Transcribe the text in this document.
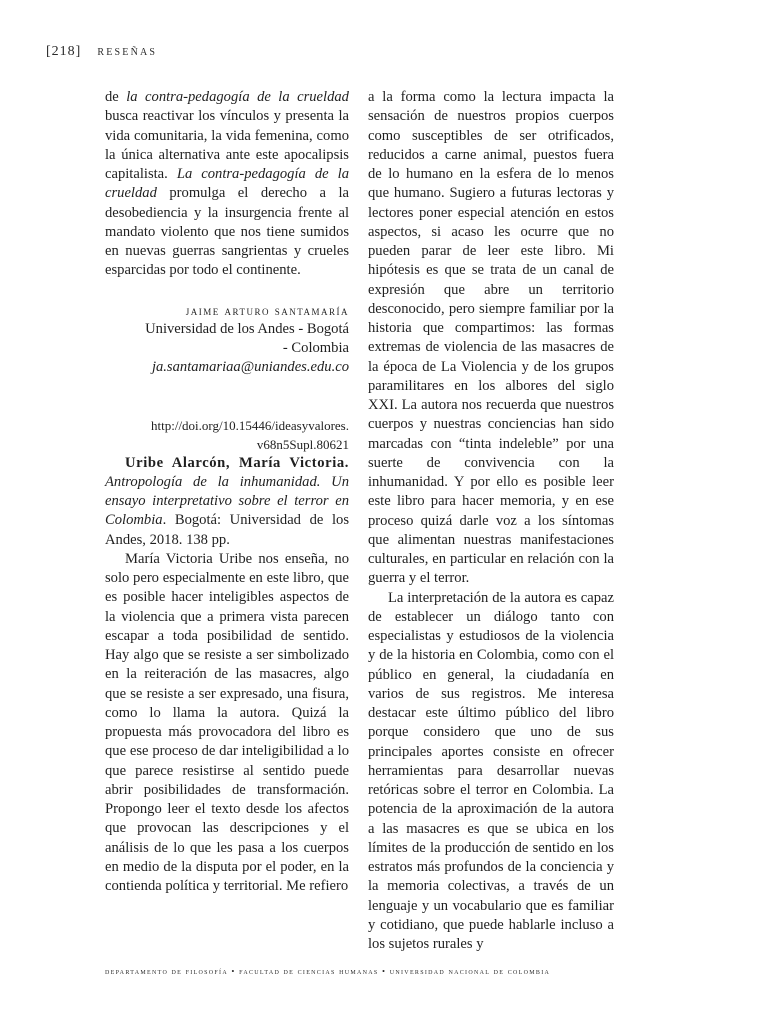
[218] reseñas

de la contra-pedagogía de la crueldad busca reactivar los vínculos y presenta la vida comunitaria, la vida femenina, como la única alternativa ante este apocalipsis capitalista. La contra-pedagogía de la crueldad promulga el derecho a la desobediencia y la insurgencia frente al mandato violento que nos tiene sumidos en nuevas guerras sangrientas y crueles esparcidas por todo el continente.

jaime arturo santamaría
Universidad de los Andes - Bogotá
- Colombia
ja.santamariaa@uniandes.edu.co
http://doi.org/10.15446/ideasyvalores.
v68n5Supl.80621

Uribe Alarcón, María Victoria. Antropología de la inhumanidad. Un ensayo interpretativo sobre el terror en Colombia. Bogotá: Universidad de los Andes, 2018. 138 pp.

María Victoria Uribe nos enseña, no solo pero especialmente en este libro, que es posible hacer inteligibles aspectos de la violencia que a primera vista parecen escapar a toda posibilidad de sentido. Hay algo que se resiste a ser simbolizado en la reiteración de las masacres, algo que se resiste a ser expresado, una fisura, como lo llama la autora. Quizá la propuesta más provocadora del libro es que ese proceso de dar inteligibilidad a lo que parece resistirse al sentido puede abrir posibilidades de transformación. Propongo leer el texto desde los afectos que provocan las descripciones y el análisis de lo que les pasa a los cuerpos en medio de la disputa por el poder, en la contienda política y territorial. Me refiero

a la forma como la lectura impacta la sensación de nuestros propios cuerpos como susceptibles de ser otrificados, reducidos a carne animal, puestos fuera de lo humano en la esfera de lo menos que humano. Sugiero a futuras lectoras y lectores poner especial atención en estos aspectos, si acaso les ocurre que no pueden parar de leer este libro. Mi hipótesis es que se trata de un canal de expresión que abre un territorio desconocido, pero siempre familiar por la historia que compartimos: las formas extremas de violencia de las masacres de la época de La Violencia y de los grupos paramilitares en los albores del siglo XXI. La autora nos recuerda que nuestros cuerpos y nuestras conciencias han sido marcadas con “tinta indeleble” por una suerte de convivencia con la inhumanidad. Y por ello es posible leer este libro para hacer memoria, y en ese proceso quizá darle voz a los síntomas que alimentan nuestras manifestaciones culturales, en particular en relación con la guerra y el terror.

La interpretación de la autora es capaz de establecer un diálogo tanto con especialistas y estudiosos de la violencia y de la historia en Colombia, como con el público en general, la ciudadanía en varios de sus registros. Me interesa destacar este último público del libro porque considero que uno de sus principales aportes consiste en ofrecer herramientas para desarrollar nuevas retóricas sobre el terror en Colombia. La potencia de la aproximación de la autora a las masacres es que se ubica en los límites de la producción de sentido en los estratos más profundos de la conciencia y la memoria colectivas, a través de un lenguaje y un vocabulario que es familiar y cotidiano, que puede hablarle incluso a los sujetos rurales y

departamento de filosofía • facultad de ciencias humanas • universidad nacional de colombia
